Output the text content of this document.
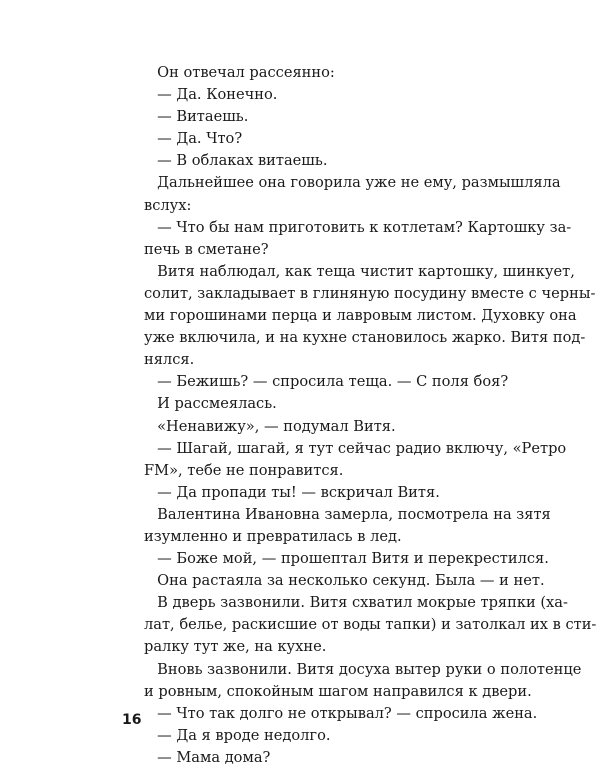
Он отвечал рассеянно:
— Да. Конечно.
— Витаешь.
— Да. Что?
— В облаках витаешь.
Дальнейшее она говорила уже не ему, размышляла
вслух:
— Что бы нам приготовить к котлетам? Картошку за-
печь в сметане?
Витя наблюдал, как теща чистит картошку, шинкует,
солит, закладывает в глиняную посудину вместе с черны-
ми горошинами перца и лавровым листом. Духовку она
уже включила, и на кухне становилось жарко. Витя под-
нялся.
— Бежишь? — спросила теща. — С поля боя?
И рассмеялась.
«Ненавижу», — подумал Витя.
— Шагай, шагай, я тут сейчас радио включу, «Ретро
FM», тебе не понравится.
— Да пропади ты! — вскричал Витя.
Валентина Ивановна замерла, посмотрела на зятя
изумленно и превратилась в лед.
— Боже мой, — прошептал Витя и перекрестился.
Она растаяла за несколько секунд. Была — и нет.
В дверь зазвонили. Витя схватил мокрые тряпки (ха-
лат, белье, раскисшие от воды тапки) и затолкал их в сти-
ралку тут же, на кухне.
Вновь зазвонили. Витя досуха вытер руки о полотенце
и ровным, спокойным шагом направился к двери.
— Что так долго не открывал? — спросила жена.
— Да я вроде недолго.
— Мама дома?
16
